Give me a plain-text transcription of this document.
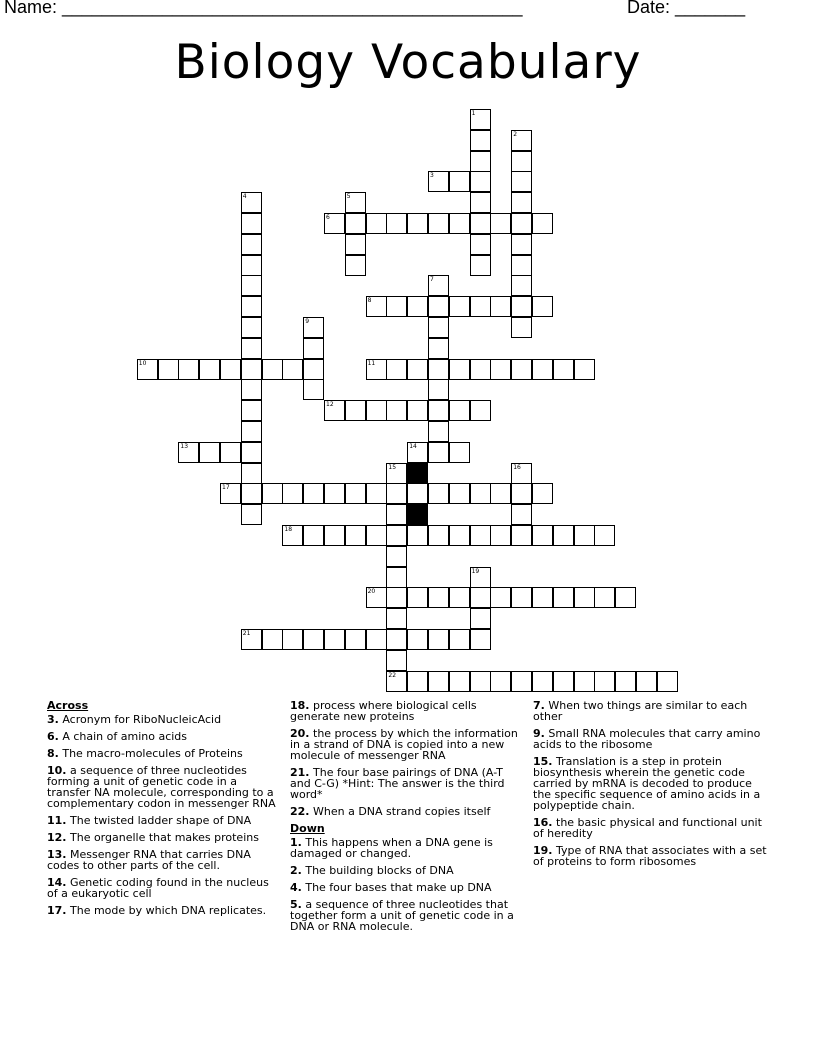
Name: ______________________________________________	Date: _______
Biology Vocabulary
1
2
3
4	5
6
7
8
9
10	11
12
13	14
15	16
17
18
19
20
21
22
Across
3. Acronym for RiboNucleicAcid
6. A chain of amino acids
8. The macro-molecules of Proteins
10. a sequence of three nucleotides forming a unit of genetic code in a transfer NA molecule, corresponding to a complementary codon in messenger RNA
11. The twisted ladder shape of DNA
12. The organelle that makes proteins
13. Messenger RNA that carries DNA codes to other parts of the cell.
14. Genetic coding found in the nucleus of a eukaryotic cell
17. The mode by which DNA replicates.
18. process where biological cells generate new proteins
20. the process by which the information in a strand of DNA is copied into a new molecule of messenger RNA
21. The four base pairings of DNA (A-T and C-G) *Hint: The answer is the third word*
22. When a DNA strand copies itself
Down
1. This happens when a DNA gene is damaged or changed.
2. The building blocks of DNA
4. The four bases that make up DNA
5. a sequence of three nucleotides that together form a unit of genetic code in a DNA or RNA molecule.
7. When two things are similar to each other
9. Small RNA molecules that carry amino acids to the ribosome
15. Translation is a step in protein biosynthesis wherein the genetic code carried by mRNA is decoded to produce the specific sequence of amino acids in a polypeptide chain.
16. the basic physical and functional unit of heredity
19. Type of RNA that associates with a set of proteins to form ribosomes
